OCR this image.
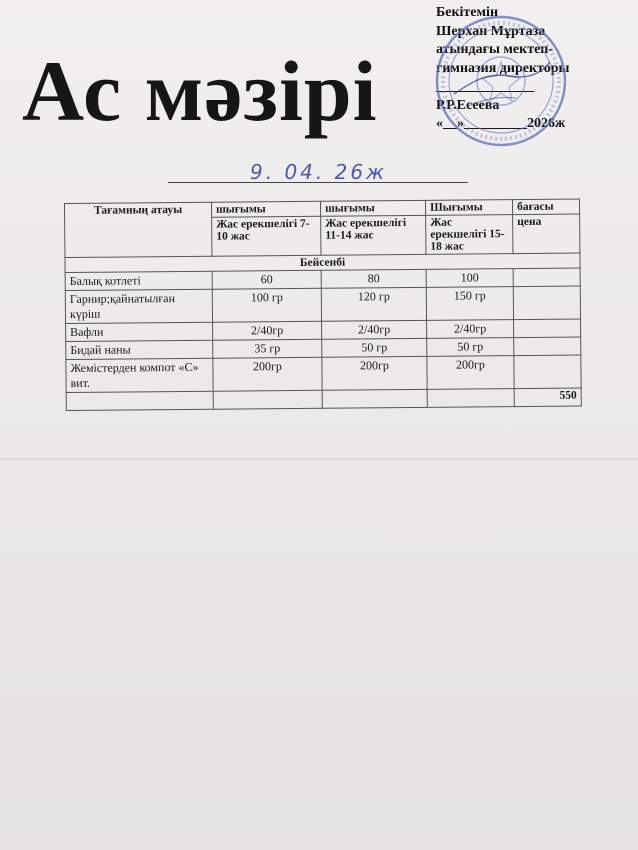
Ас мәзірі
Бекітемін
Шерхан Мұртаза
атындағы мектеп-
гимназия директоры
______________
Р.Р.Есеева
«__»_________2026ж
9. 04. 26ж
Тағамның атауы	шығымы	шығымы	Шығымы	бағасы
	Жас ерекшелігі 7-10 жас	Жас ерекшелігі 11-14 жас	Жас ерекшелігі 15-18 жас	цена
Бейсенбі				
Балық котлеті	60	80	100	
Гарнир;қайнатылған күріш	100 гр	120 гр	150 гр	
Вафли	2/40гр	2/40гр	2/40гр	
Бидай наны	35 гр	50 гр	50 гр	
Жемістерден компот «С» вит.	200гр	200гр	200гр	
				550
